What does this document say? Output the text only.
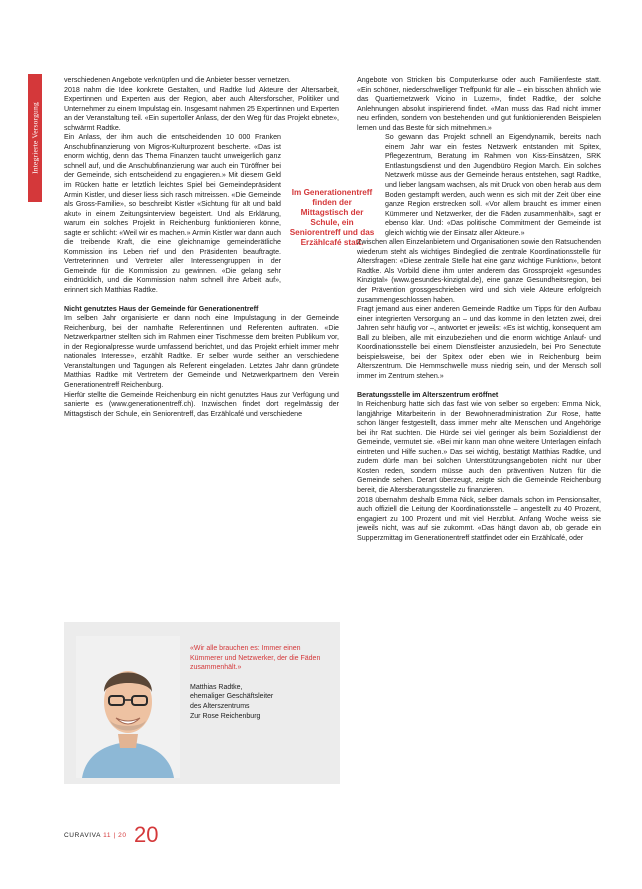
Integrierte Versorgung

verschiedenen Angebote verknüpfen und die Anbieter besser vernetzen.

2018 nahm die Idee konkrete Gestalten, und Radtke lud Akteure der Altersarbeit, Expertinnen und Experten aus der Region, aber auch Altersforscher, Politiker und Unternehmer zu einem Impulstag ein. Insgesamt nahmen 25 Expertinnen und Experten an der Veranstaltung teil. «Ein supertoller Anlass, der den Weg für das Projekt ebnete», schwärmt Radtke.

Ein Anlass, der ihm auch die entscheidenden 10 000 Franken Anschubfinanzierung von Migros-Kulturprozent bescherte. «Das ist enorm wichtig, denn das Thema Finanzen taucht unweigerlich ganz schnell auf, und die Anschubfinanzierung war auch ein Türöffner bei der Gemeinde, sich entscheidend zu engagieren.» Mit diesem Geld im Rücken hatte er letztlich leichtes Spiel bei Gemeindepräsident Armin Kistler, und dieser liess sich rasch mitreissen. «Die Gemeinde als Gross-Familie», so beschreibt Kistler «Sichtung für alt und bald akut» in einem Zeitungsinterview begeistert. Und als Erklärung, warum ein solches Projekt in Reichenburg funktionieren könne, sagte er schlicht: «Weil wir es machen.» Armin Kistler war dann auch die treibende Kraft, die eine gleichnamige gemeinderätliche Kommission ins Leben rief und den Präsidenten beauftragte. Vertreterinnen und Vertreter aller Interessengruppen in der Gemeinde für die Kommission zu gewinnen. «Die gelang sehr eindrücklich, und die Kommission nahm schnell ihre Arbeit auf», erinnert sich Matthias Radtke.

Nicht genutztes Haus der Gemeinde für Generationentreff

Im selben Jahr organisierte er dann noch eine Impulstagung in der Gemeinde Reichenburg, bei der namhafte Referentinnen und Referenten auftraten. «Die Netzwerkpartner stellten sich im Rahmen einer Tischmesse dem breiten Publikum vor, in der Regionalpresse wurde umfassend berichtet, und das Projekt erhielt immer mehr nationales Interesse», erzählt Radtke. Er selber wurde seither an verschiedene Veranstaltungen und Tagungen als Referent eingeladen. Letztes Jahr dann gründete Matthias Radtke mit Vertretern der Gemeinde und Netzwerkpartnern den Verein Generationentreff Reichenburg.

Hierfür stellte die Gemeinde Reichenburg ein nicht genutztes Haus zur Verfügung und sanierte es (www.generationentreff.ch). Inzwischen findet dort regelmässig der Mittagstisch der Schule, ein Seniorentreff, das Erzählcafé und verschiedene

Im Generationentreff finden der Mittagstisch der Schule, ein Seniorentreff und das Erzählcafé statt.
«Wir alle brauchen es: Immer einen Kümmerer und Netzwerker, der die Fäden zusammenhält.»
Matthias Radtke,
ehemaliger Geschäftsleiter
des Alterszentrums
Zur Rose Reichenburg

Angebote von Stricken bis Computerkurse oder auch Familienfeste statt. «Ein schöner, niederschwelliger Treffpunkt für alle – ein bisschen ähnlich wie das Quartiernetzwerk Vicino in Luzern», findet Radtke, der solche Anlehnungen absolut inspirierend findet. «Man muss das Rad nicht immer neu erfinden, sondern von bestehenden und gut funktionierenden Beispielen lernen und das Beste für sich mitnehmen.»

So gewann das Projekt schnell an Eigendynamik, bereits nach einem Jahr war ein festes Netzwerk entstanden mit Spitex, Pflegezentrum, Beratung im Rahmen von Kiss-Einsätzen, SRK Entlastungsdienst und den Jugendbüro Region March. Ein solches Netzwerk müsse aus der Gemeinde heraus entstehen, sagt Radtke, und lieber langsam wachsen, als mit Druck von oben herab aus dem Boden gestampft werden, auch wenn es sich mit der Zeit über eine ganze Region erstrecken soll. «Vor allem braucht es immer einen Kümmerer und Netzwerker, der die Fäden zusammenhält», sagt er ebenso klar. Und: «Das politische Commitment der Gemeinde ist gleich wichtig wie der Einsatz aller Akteure.»

Zwischen allen Einzelanbietern und Organisationen sowie den Ratsuchenden wiederum steht als wichtiges Bindeglied die zentrale Koordinationsstelle für Altersfragen: «Diese zentrale Stelle hat eine ganz wichtige Funktion», betont Radtke. Als Vorbild diene ihm unter anderem das Grossprojekt «gesundes Kinzigtal» (www.gesundes-kinzigtal.de), eine ganze Gesundheitsregion, bei der Prävention grossgeschrieben wird und sich viele Akteure erfolgreich zusammengeschlossen haben.

Fragt jemand aus einer anderen Gemeinde Radtke um Tipps für den Aufbau einer integrierten Versorgung an – und das komme in den letzten zwei, drei Jahren sehr häufig vor –, antwortet er jeweils: «Es ist wichtig, konsequent am Ball zu bleiben, alle mit einzubeziehen und die enorm wichtige Anlauf- und Koordinationsstelle bei einem Dienstleister anzusiedeln, bei Pro Senectute beispielsweise, bei der Spitex oder eben wie in Reichenburg beim Alterszentrum. Die Hemmschwelle muss niedrig sein, und der Mensch soll immer im Zentrum stehen.»

Beratungsstelle im Alterszentrum eröffnet

In Reichenburg hatte sich das fast wie von selber so ergeben: Emma Nick, langjährige Mitarbeiterin in der Bewohneradministration Zur Rose, hatte schon länger festgestellt, dass immer mehr alte Menschen und Angehörige bei ihr Rat suchten. Die Hürde sei viel geringer als beim Sozialdienst der Gemeinde, vermutet sie. «Bei mir kann man ohne weitere Unterlagen einfach eintreten und Hilfe suchen.» Das sei wichtig, bestätigt Matthias Radtke, und zudem dürfe man bei solchen Unterstützungsangeboten nicht nur über Kosten reden, sondern müsse auch den präventiven Nutzen für die Gemeinde sehen. Derart überzeugt, zeigte sich die Gemeinde Reichenburg bereit, die Altersberatungsstelle zu finanzieren.

2018 übernahm deshalb Emma Nick, selber damals schon im Pensionsalter, auch offiziell die Leitung der Koordinationsstelle – angestellt zu 40 Prozent, engagiert zu 100 Prozent und mit viel Herzblut. Anfang Woche weiss sie jeweils nicht, was auf sie zukommt. «Das hängt davon ab, ob gerade ein Supperzmittag im Generationentreff stattfindet oder ein Erzählcafé, oder

CURAVIVA 11 | 20 20
